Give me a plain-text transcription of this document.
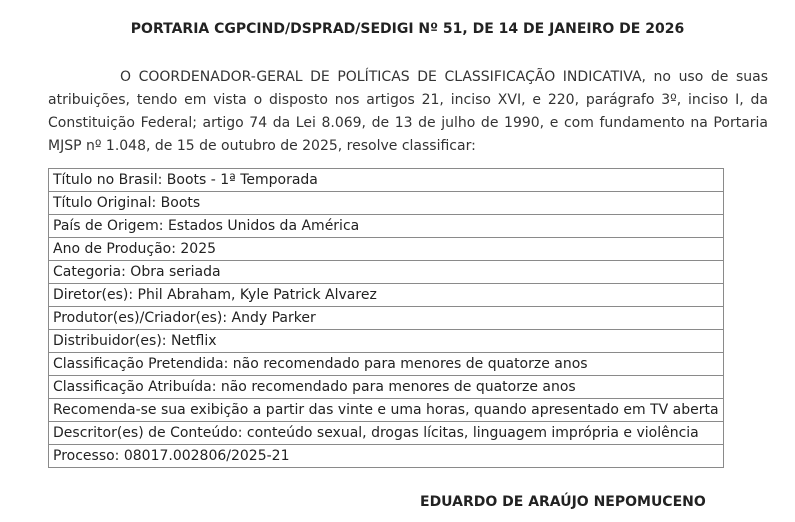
PORTARIA CGPCIND/DSPRAD/SEDIGI Nº 51, DE 14 DE JANEIRO DE 2026

O COORDENADOR-GERAL DE POLÍTICAS DE CLASSIFICAÇÃO INDICATIVA, no uso de suas atribuições, tendo em vista o disposto nos artigos 21, inciso XVI, e 220, parágrafo 3º, inciso I, da Constituição Federal; artigo 74 da Lei 8.069, de 13 de julho de 1990, e com fundamento na Portaria MJSP nº 1.048, de 15 de outubro de 2025, resolve classificar:

Título no Brasil: Boots - 1ª Temporada
Título Original: Boots
País de Origem: Estados Unidos da América
Ano de Produção: 2025
Categoria: Obra seriada
Diretor(es): Phil Abraham, Kyle Patrick Alvarez
Produtor(es)/Criador(es): Andy Parker
Distribuidor(es): Netflix
Classificação Pretendida: não recomendado para menores de quatorze anos
Classificação Atribuída: não recomendado para menores de quatorze anos
Recomenda-se sua exibição a partir das vinte e uma horas, quando apresentado em TV aberta
Descritor(es) de Conteúdo: conteúdo sexual, drogas lícitas, linguagem imprópria e violência
Processo: 08017.002806/2025-21
EDUARDO DE ARAÚJO NEPOMUCENO
